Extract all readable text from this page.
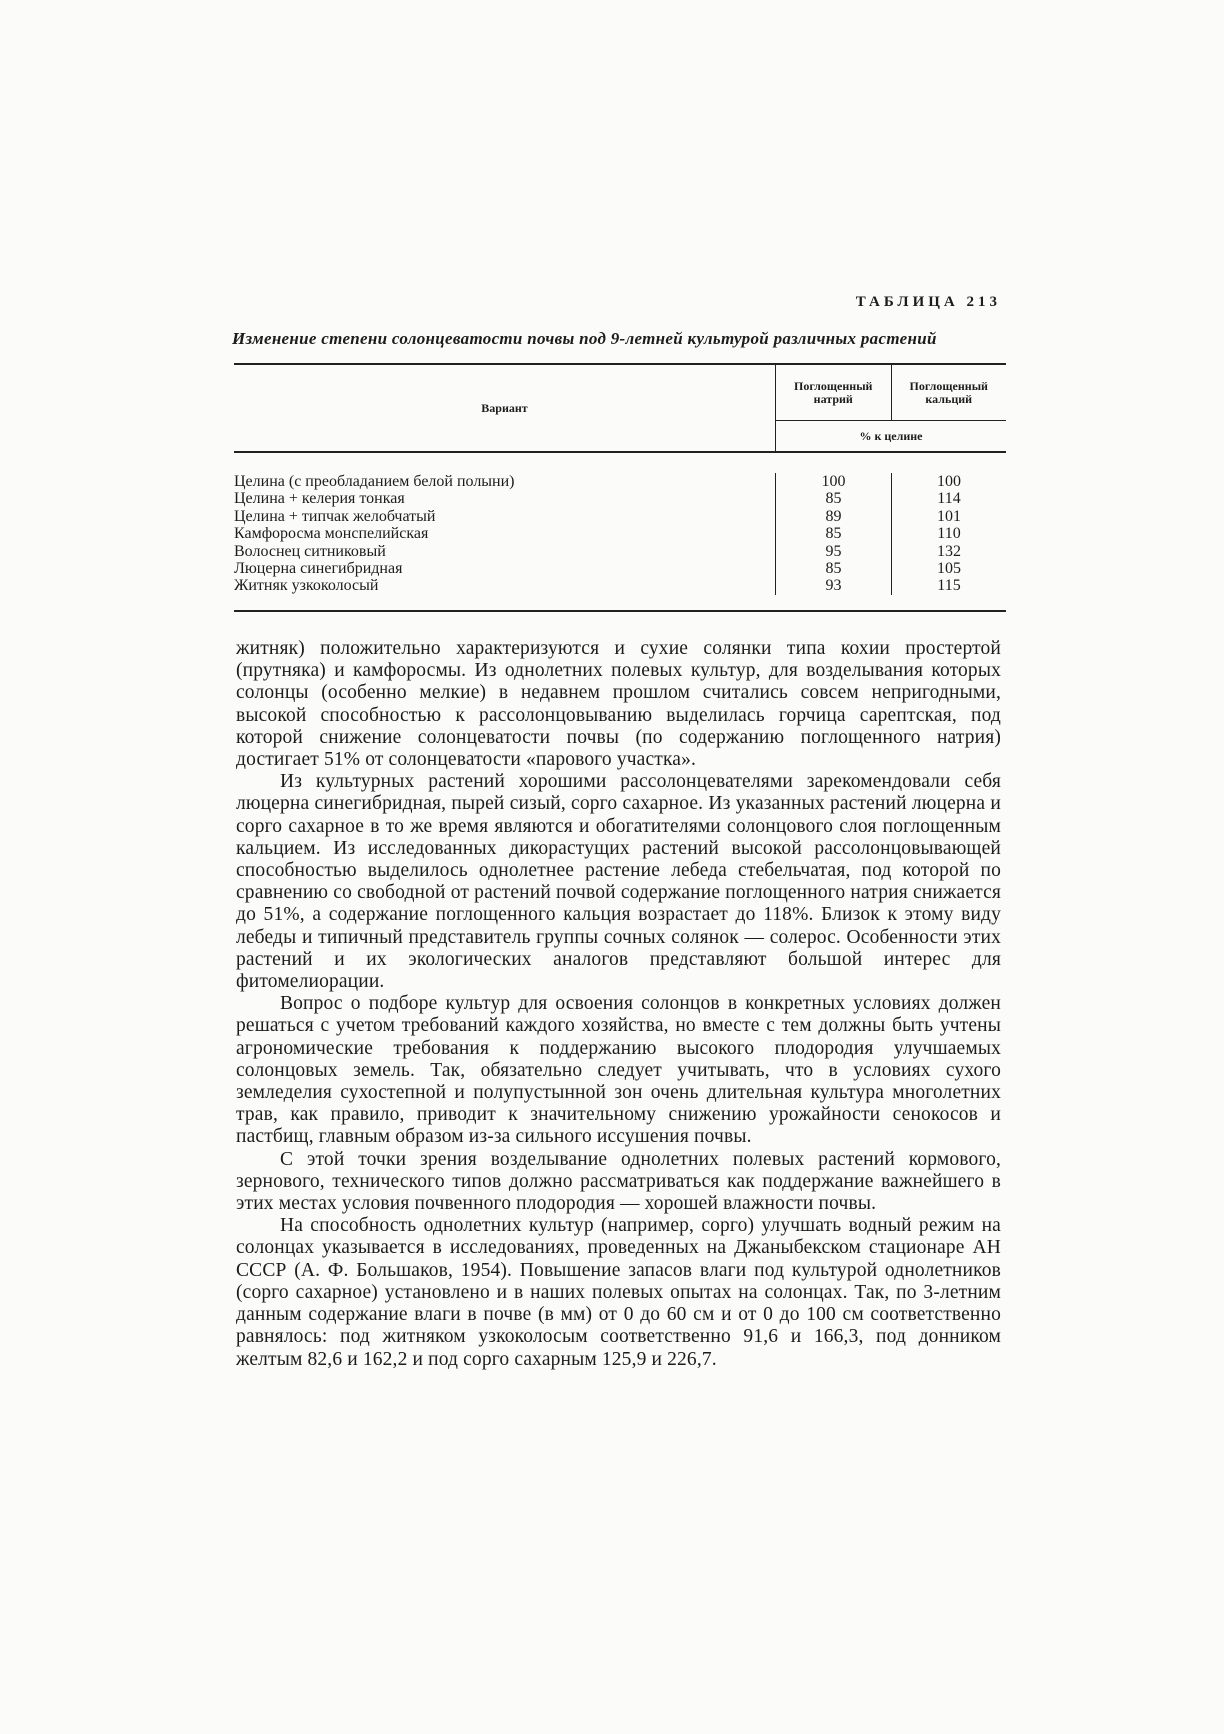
ТАБЛИЦА 213
Изменение степени солонцеватости почвы под 9-летней культурой различных растений
Вариант
Поглощенный натрий
Поглощенный кальций
% к целине
Целина (с преобладанием белой полыни)	100	100
Целина + келерия тонкая	85	114
Целина + типчак желобчатый	89	101
Камфоросма монспелийская	85	110
Волоснец ситниковый	95	132
Люцерна синегибридная	85	105
Житняк узкоколосый	93	115

житняк) положительно характеризуются и сухие солянки типа кохии простертой (прутняка) и камфоросмы. Из однолетних полевых культур, для возделывания которых солонцы (особенно мелкие) в недавнем прошлом считались совсем непригодными, высокой способностью к рассолонцовыванию выделилась горчица сарептская, под которой снижение солонцеватости почвы (по содержанию поглощенного натрия) достигает 51% от солонцеватости «парового участка».

Из культурных растений хорошими рассолонцевателями зарекомендовали себя люцерна синегибридная, пырей сизый, сорго сахарное. Из указанных растений люцерна и сорго сахарное в то же время являются и обогатителями солонцового слоя поглощенным кальцием. Из исследованных дикорастущих растений высокой рассолонцовывающей способностью выделилось однолетнее растение лебеда стебельчатая, под которой по сравнению со свободной от растений почвой содержание поглощенного натрия снижается до 51%, а содержание поглощенного кальция возрастает до 118%. Близок к этому виду лебеды и типичный представитель группы сочных солянок — солерос. Особенности этих растений и их экологических аналогов представляют большой интерес для фитомелиорации.

Вопрос о подборе культур для освоения солонцов в конкретных условиях должен решаться с учетом требований каждого хозяйства, но вместе с тем должны быть учтены агрономические требования к поддержанию высокого плодородия улучшаемых солонцовых земель. Так, обязательно следует учитывать, что в условиях сухого земледелия сухостепной и полупустынной зон очень длительная культура многолетних трав, как правило, приводит к значительному снижению урожайности сенокосов и пастбищ, главным образом из-за сильного иссушения почвы.

С этой точки зрения возделывание однолетних полевых растений кормового, зернового, технического типов должно рассматриваться как поддержание важнейшего в этих местах условия почвенного плодородия — хорошей влажности почвы.

На способность однолетних культур (например, сорго) улучшать водный режим на солонцах указывается в исследованиях, проведенных на Джаныбекском стационаре АН СССР (А. Ф. Большаков, 1954). Повышение запасов влаги под культурой однолетников (сорго сахарное) установлено и в наших полевых опытах на солонцах. Так, по 3-летним данным содержание влаги в почве (в мм) от 0 до 60 см и от 0 до 100 см соответственно равнялось: под житняком узкоколосым соответственно 91,6 и 166,3, под донником желтым 82,6 и 162,2 и под сорго сахарным 125,9 и 226,7.
